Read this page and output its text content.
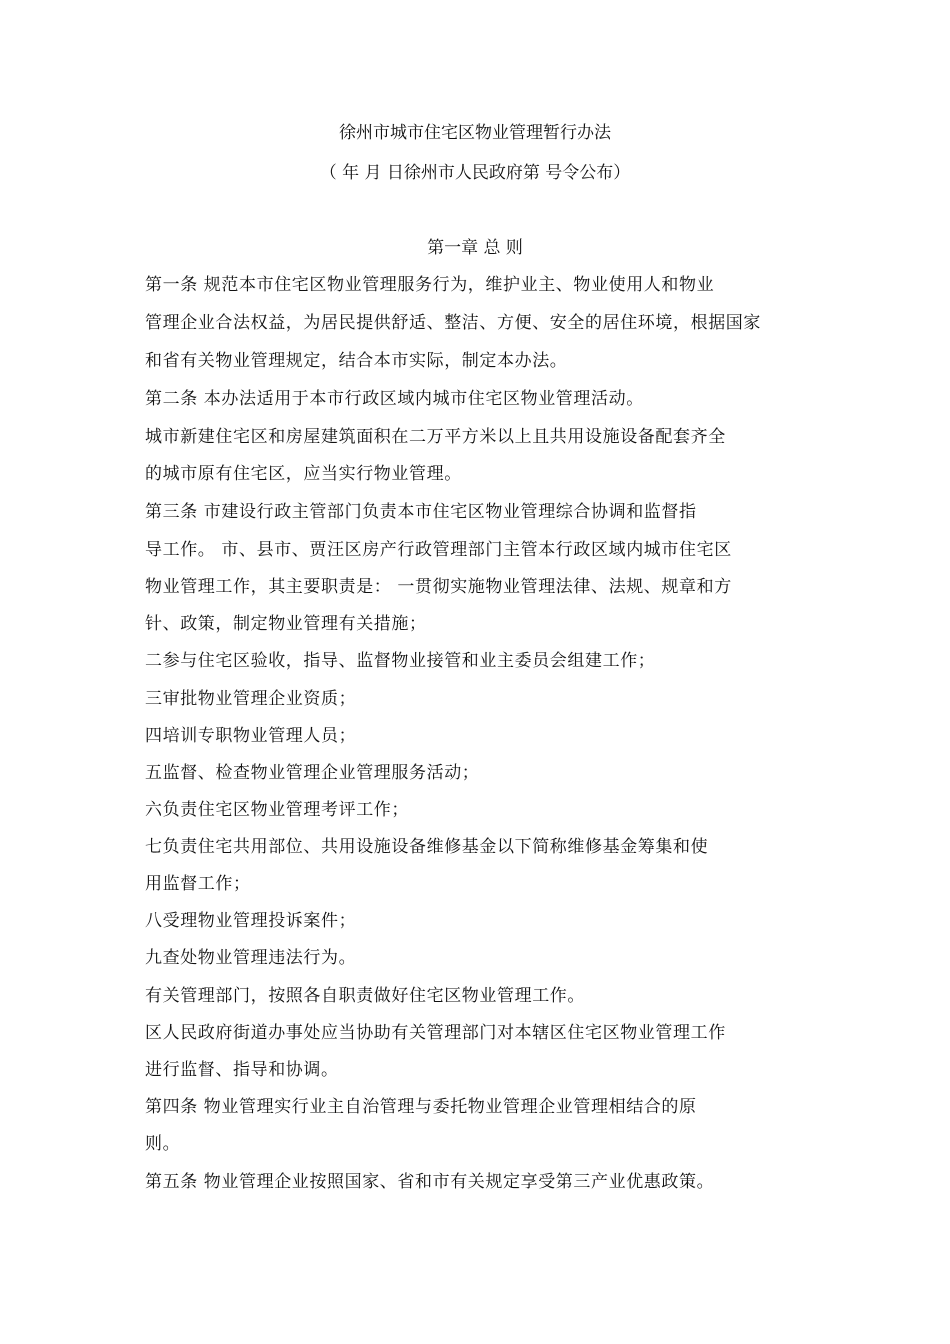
徐州市城市住宅区物业管理暂行办法
（ 年 月 日徐州市人民政府第 号令公布）
第一章 总 则
第一条 规范本市住宅区物业管理服务行为，维护业主、物业使用人和物业
管理企业合法权益，为居民提供舒适、整洁、方便、安全的居住环境，根据国家
和省有关物业管理规定，结合本市实际，制定本办法。
第二条 本办法适用于本市行政区域内城市住宅区物业管理活动。
城市新建住宅区和房屋建筑面积在二万平方米以上且共用设施设备配套齐全
的城市原有住宅区，应当实行物业管理。
第三条 市建设行政主管部门负责本市住宅区物业管理综合协调和监督指
导工作。 市、县市、贾汪区房产行政管理部门主管本行政区域内城市住宅区
物业管理工作，其主要职责是： 一贯彻实施物业管理法律、法规、规章和方
针、政策，制定物业管理有关措施；
二参与住宅区验收，指导、监督物业接管和业主委员会组建工作；
三审批物业管理企业资质；
四培训专职物业管理人员；
五监督、检查物业管理企业管理服务活动；
六负责住宅区物业管理考评工作；
七负责住宅共用部位、共用设施设备维修基金以下简称维修基金筹集和使
用监督工作；
八受理物业管理投诉案件；
九查处物业管理违法行为。
有关管理部门，按照各自职责做好住宅区物业管理工作。
区人民政府街道办事处应当协助有关管理部门对本辖区住宅区物业管理工作
进行监督、指导和协调。
第四条 物业管理实行业主自治管理与委托物业管理企业管理相结合的原
则。
第五条 物业管理企业按照国家、省和市有关规定享受第三产业优惠政策。
